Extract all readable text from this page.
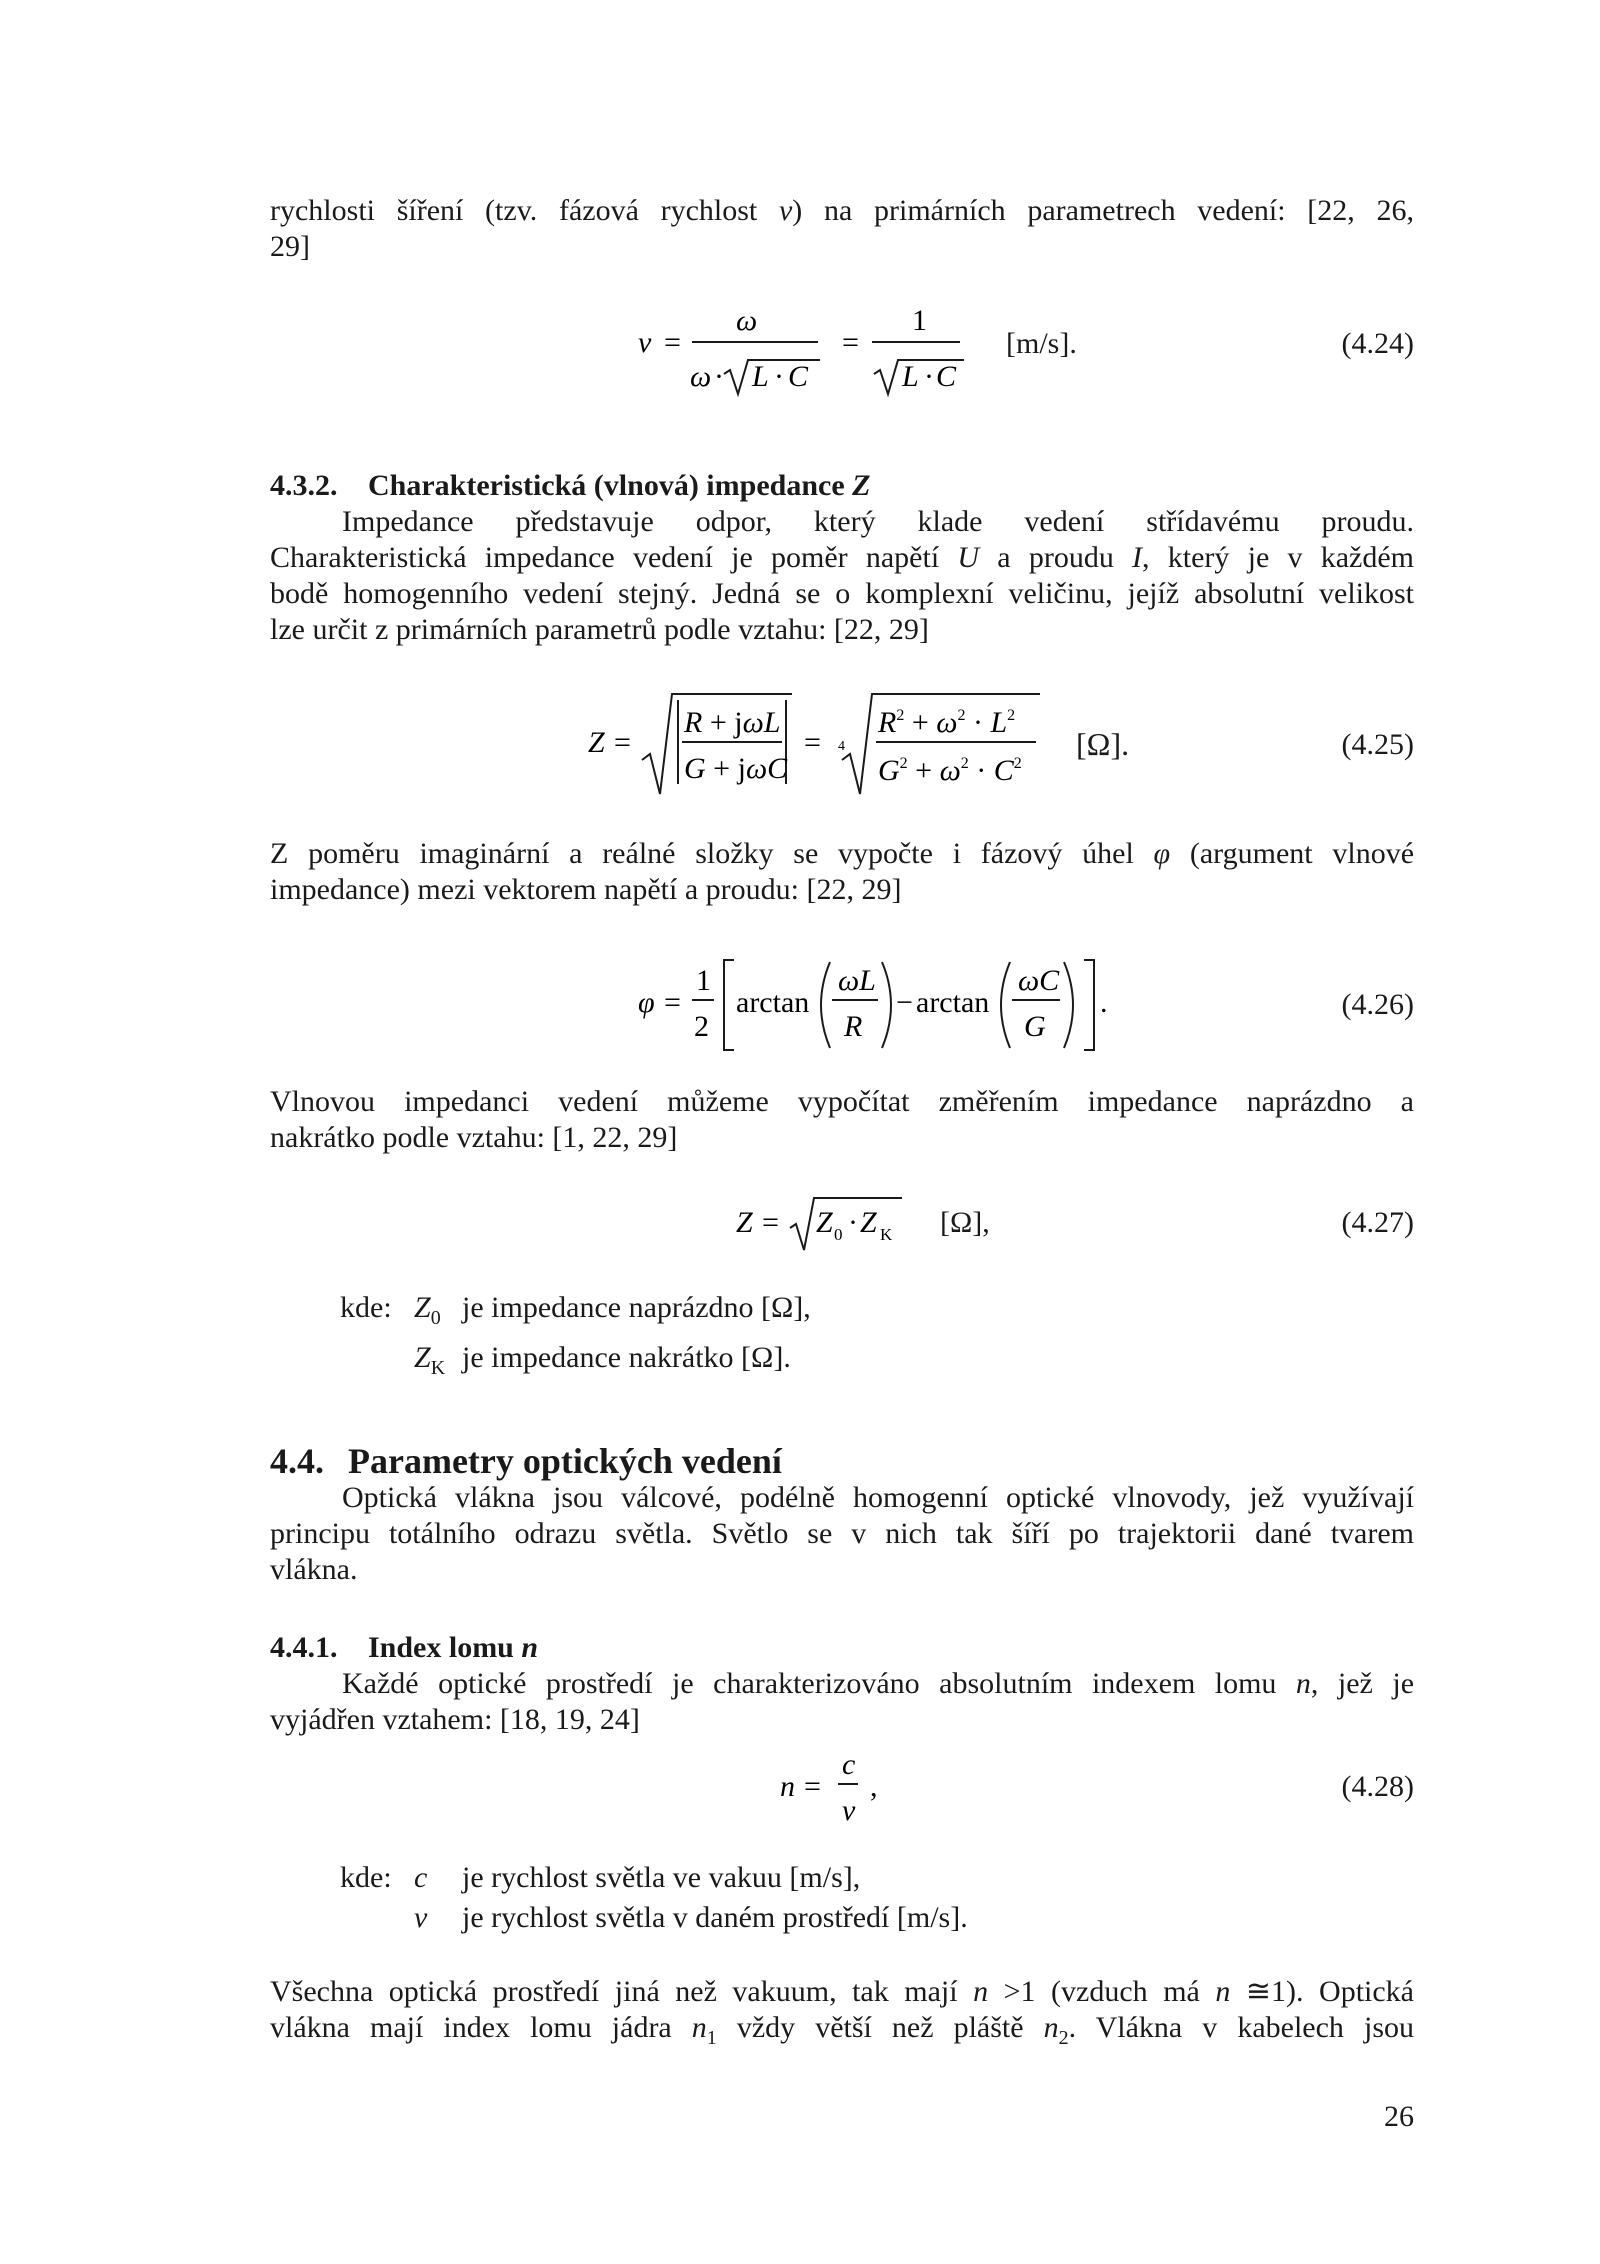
rychlosti šíření (tzv. fázová rychlost v) na primárních parametrech vedení: [22, 26,

29]

v =
ω
ω · L · C
=
1
L · C
[m/s].	(4.24)
4.3.2. Charakteristická (vlnová) impedance Z

Impedance představuje odpor, který klade vedení střídavému proudu.

Charakteristická impedance vedení je poměr napětí U a proudu I, který je v každém

bodě homogenního vedení stejný. Jedná se o komplexní veličinu, jejíž absolutní velikost

lze určit z primárních parametrů podle vztahu: [22, 29]

Z =
R + jωL
G + jωC
= 4
$R^2 + \omega^2 \cdot L^2$
$G^2 + \omega^2 \cdot C^2$
[Ω].	(4.25)

Z poměru imaginární a reálné složky se vypočte i fázový úhel φ (argument vlnové

impedance) mezi vektorem napětí a proudu: [22, 29]

φ =
1
2
arctan
ωL
R
− arctan
ωC
G
.	(4.26)

Vlnovou impedanci vedení můžeme vypočítat změřením impedance naprázdno a

nakrátko podle vztahu: [1, 22, 29]

Z = Z 0 · Z K [Ω],	(4.27)
kde: $Z_0$ je impedance naprázdno [Ω],
$Z_K$ je impedance nakrátko [Ω].
4.4. Parametry optických vedení

Optická vlákna jsou válcové, podélně homogenní optické vlnovody, jež využívají

principu totálního odrazu světla. Světlo se v nich tak šíří po trajektorii dané tvarem

vlákna.

4.4.1. Index lomu n

Každé optické prostředí je charakterizováno absolutním indexem lomu n, jež je

vyjádřen vztahem: [18, 19, 24]

n =
c
v
,	(4.28)
kde: c je rychlost světla ve vakuu [m/s],
v je rychlost světla v daném prostředí [m/s].

Všechna optická prostředí jiná než vakuum, tak mají n >1 (vzduch má n ≅1). Optická

vlákna mají index lomu jádra $n_1$ vždy větší než pláště $n_2$. Vlákna v kabelech jsou

26
